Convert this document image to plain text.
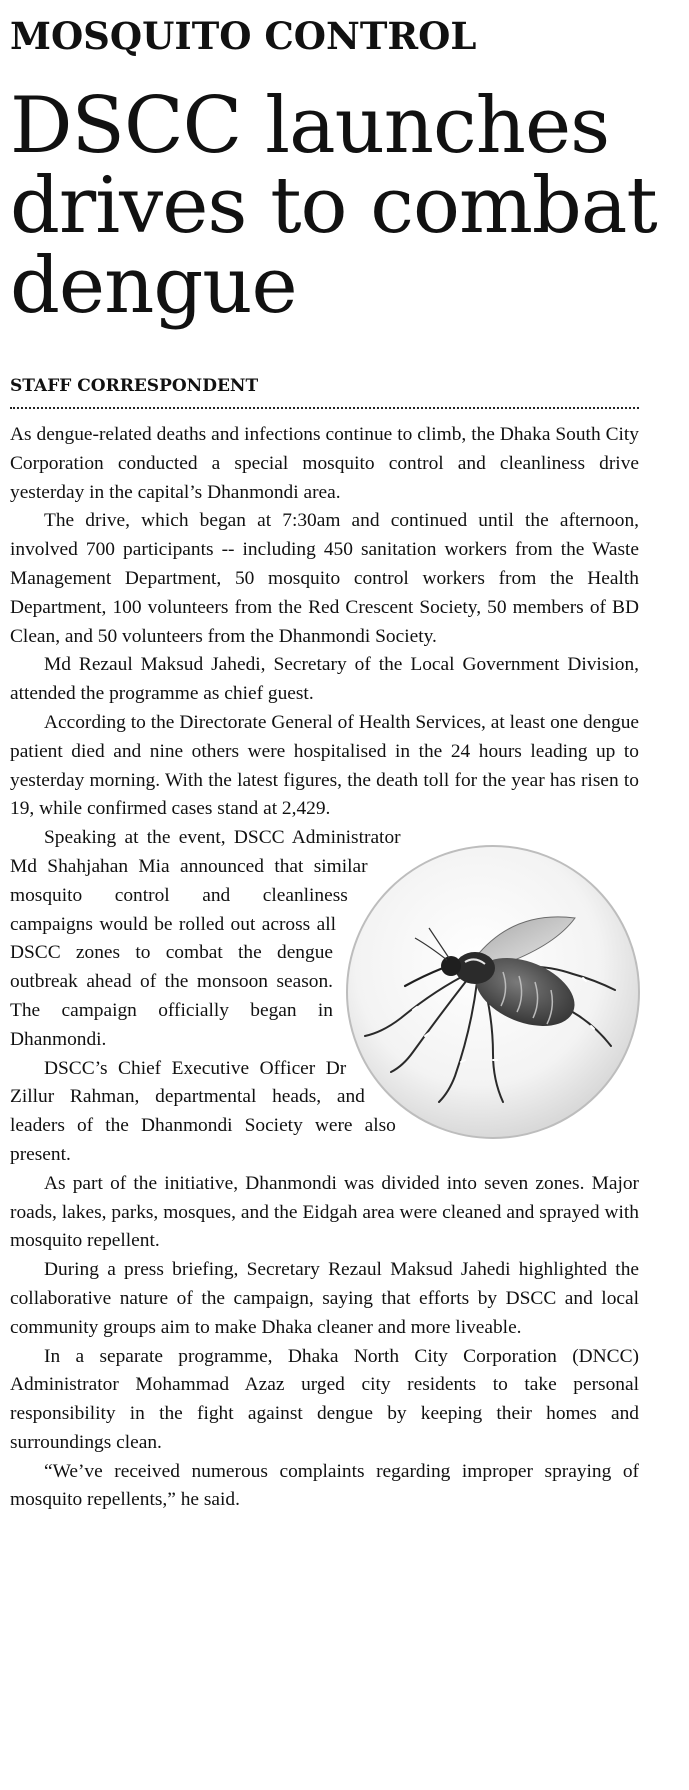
MOSQUITO CONTROL
DSCC launches drives to combat dengue
STAFF CORRESPONDENT

As dengue-related deaths and infections continue to climb, the Dhaka South City Corporation conducted a special mosquito control and cleanliness drive yesterday in the capital’s Dhanmondi area.

The drive, which began at 7:30am and continued until the afternoon, involved 700 participants -- including 450 sanitation workers from the Waste Management Department, 50 mosquito control workers from the Health Department, 100 volunteers from the Red Crescent Society, 50 members of BD Clean, and 50 volunteers from the Dhanmondi Society.

Md Rezaul Maksud Jahedi, Secretary of the Local Government Division, attended the programme as chief guest.

According to the Directorate General of Health Services, at least one dengue patient died and nine others were hospitalised in the 24 hours leading up to yesterday morning. With the latest figures, the death toll for the year has risen to 19, while confirmed cases stand at 2,429.

Speaking at the event, DSCC Administrator Md Shahjahan Mia announced that similar mosquito control and cleanliness campaigns would be rolled out across all DSCC zones to combat the dengue outbreak ahead of the monsoon season. The campaign officially began in Dhanmondi.

DSCC’s Chief Executive Officer Dr Zillur Rahman, departmental heads, and leaders of the Dhanmondi Society were also present.

As part of the initiative, Dhanmondi was divided into seven zones. Major roads, lakes, parks, mosques, and the Eidgah area were cleaned and sprayed with mosquito repellent.

During a press briefing, Secretary Rezaul Maksud Jahedi highlighted the collaborative nature of the campaign, saying that efforts by DSCC and local community groups aim to make Dhaka cleaner and more liveable.

In a separate programme, Dhaka North City Corporation (DNCC) Administrator Mohammad Azaz urged city residents to take personal responsibility in the fight against dengue by keeping their homes and surroundings clean.

“We’ve received numerous complaints regarding improper spraying of mosquito repellents,” he said.
